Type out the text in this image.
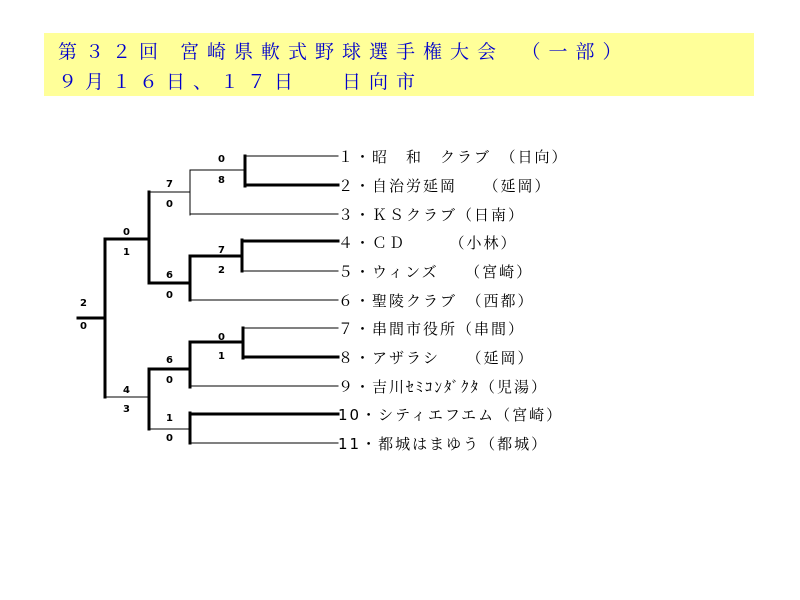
第３２回 宮崎県軟式野球選手権大会　（一部）
９月１６日、１７日　 日向市
１・昭　和　クラブ　（日向）
２・自治労延岡　　（延岡）
３・ＫＳクラブ（日南）
４・ＣＤ　　　（小林）
５・ウィンズ　　（宮崎）
６・聖陵クラブ　（西都）
７・串間市役所（串間）
８・アザラシ　　（延岡）
９・吉川ｾﾐｺﾝﾀﾞｸﾀ（児湯）
10・シティエフエム（宮崎）
11・都城はまゆう（都城）
0
8
7
2
0
1
1
0
7
0
6
0
6
0
0
1
4
3
2
0
